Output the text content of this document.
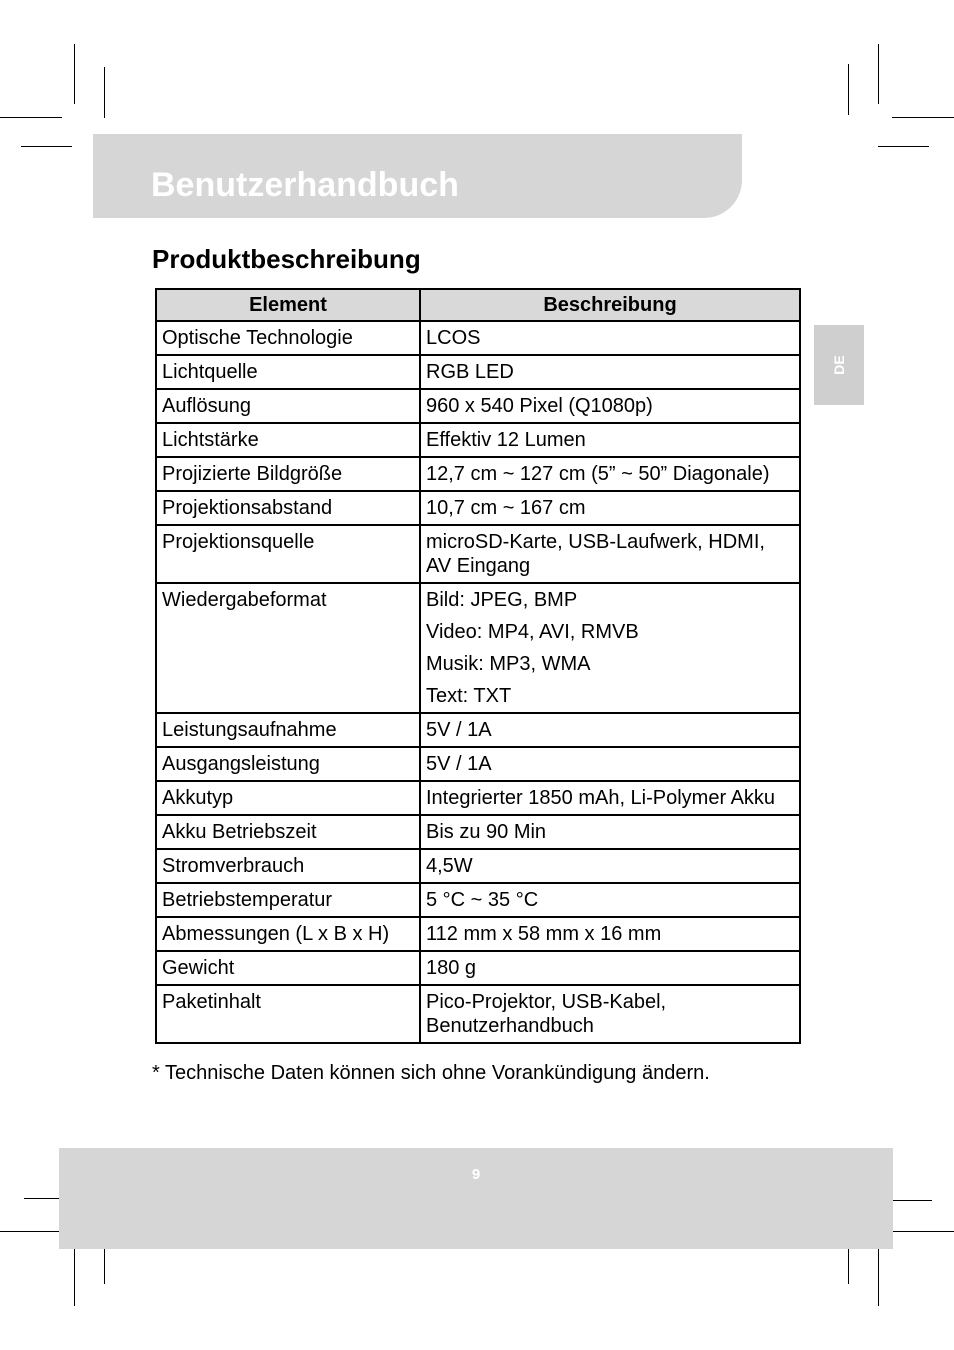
Benutzerhandbuch
DE
Produktbeschreibung
Element	Beschreibung
Optische Technologie	LCOS

Lichtquelle	RGB LED

Auflösung	960 x 540 Pixel (Q1080p)

Lichtstärke	Effektiv 12 Lumen

Projizierte Bildgröße	12,7 cm ~ 127 cm (5” ~ 50” Diagonale)

Projektionsabstand	10,7 cm ~ 167 cm

Projektionsquelle	microSD-Karte, USB-Laufwerk, HDMI, AV Eingang

Wiedergabeformat	Bild: JPEG, BMP
Video: MP4, AVI, RMVB
Musik: MP3, WMA
Text: TXT

Leistungsaufnahme	5V / 1A

Ausgangsleistung	5V / 1A

Akkutyp	Integrierter 1850 mAh, Li-Polymer Akku

Akku Betriebszeit	Bis zu 90 Min

Stromverbrauch	4,5W

Betriebstemperatur	5 °C ~ 35 °C

Abmessungen (L x B x H)	112 mm x 58 mm x 16 mm

Gewicht	180 g

Paketinhalt	Pico-Projektor, USB-Kabel, Benutzerhandbuch
* Technische Daten können sich ohne Vorankündigung ändern.
9
